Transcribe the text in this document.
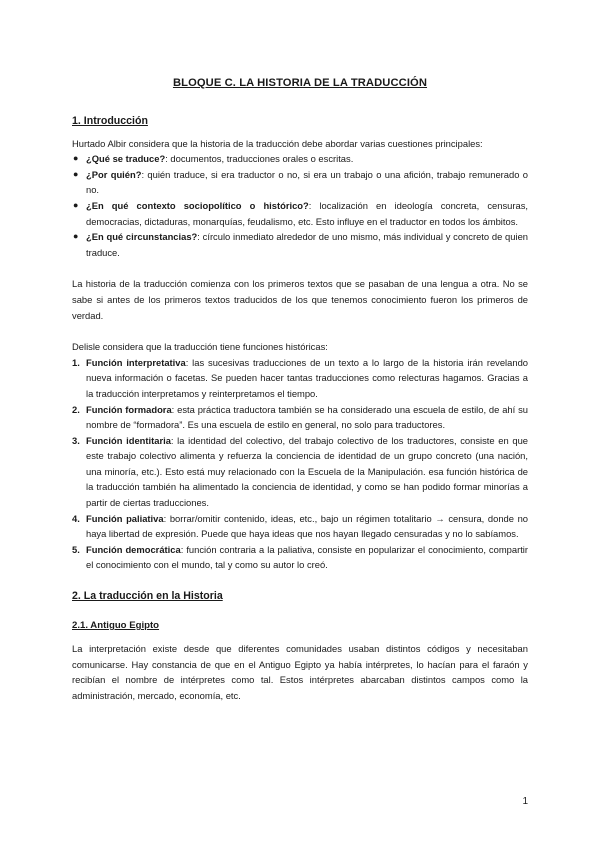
BLOQUE C. LA HISTORIA DE LA TRADUCCIÓN
1. Introducción

Hurtado Albir considera que la historia de la traducción debe abordar varias cuestiones principales:

● ¿Qué se traduce?: documentos, traducciones orales o escritas.
● ¿Por quién?: quién traduce, si era traductor o no, si era un trabajo o una afición, trabajo remunerado o no.
● ¿En qué contexto sociopolítico o histórico?: localización en ideología concreta, censuras, democracias, dictaduras, monarquías, feudalismo, etc. Esto influye en el traductor en todos los ámbitos.
● ¿En qué circunstancias?: círculo inmediato alrededor de uno mismo, más individual y concreto de quien traduce.

La historia de la traducción comienza con los primeros textos que se pasaban de una lengua a otra. No se sabe si antes de los primeros textos traducidos de los que tenemos conocimiento fueron los primeros de verdad.

Delisle considera que la traducción tiene funciones históricas:

1. Función interpretativa: las sucesivas traducciones de un texto a lo largo de la historia irán revelando nueva información o facetas. Se pueden hacer tantas traducciones como relecturas hagamos. Gracias a la traducción interpretamos y reinterpretamos el tiempo.
2. Función formadora: esta práctica traductora también se ha considerado una escuela de estilo, de ahí su nombre de “formadora”. Es una escuela de estilo en general, no solo para traductores.
3. Función identitaria: la identidad del colectivo, del trabajo colectivo de los traductores, consiste en que este trabajo colectivo alimenta y refuerza la conciencia de identidad de un grupo concreto (una nación, una minoría, etc.). Esto está muy relacionado con la Escuela de la Manipulación. esa función histórica de la traducción también ha alimentado la conciencia de identidad, y como se han podido formar minorías a partir de ciertas traducciones.
4. Función paliativa: borrar/omitir contenido, ideas, etc., bajo un régimen totalitario → censura, donde no haya libertad de expresión. Puede que haya ideas que nos hayan llegado censuradas y no lo sabíamos.
5. Función democrática: función contraria a la paliativa, consiste en popularizar el conocimiento, compartir el conocimiento con el mundo, tal y como su autor lo creó.
2. La traducción en la Historia
2.1. Antiguo Egipto

La interpretación existe desde que diferentes comunidades usaban distintos códigos y necesitaban comunicarse. Hay constancia de que en el Antiguo Egipto ya había intérpretes, lo hacían para el faraón y recibían el nombre de intérpretes como tal. Estos intérpretes abarcaban distintos campos como la administración, mercado, economía, etc.

1
